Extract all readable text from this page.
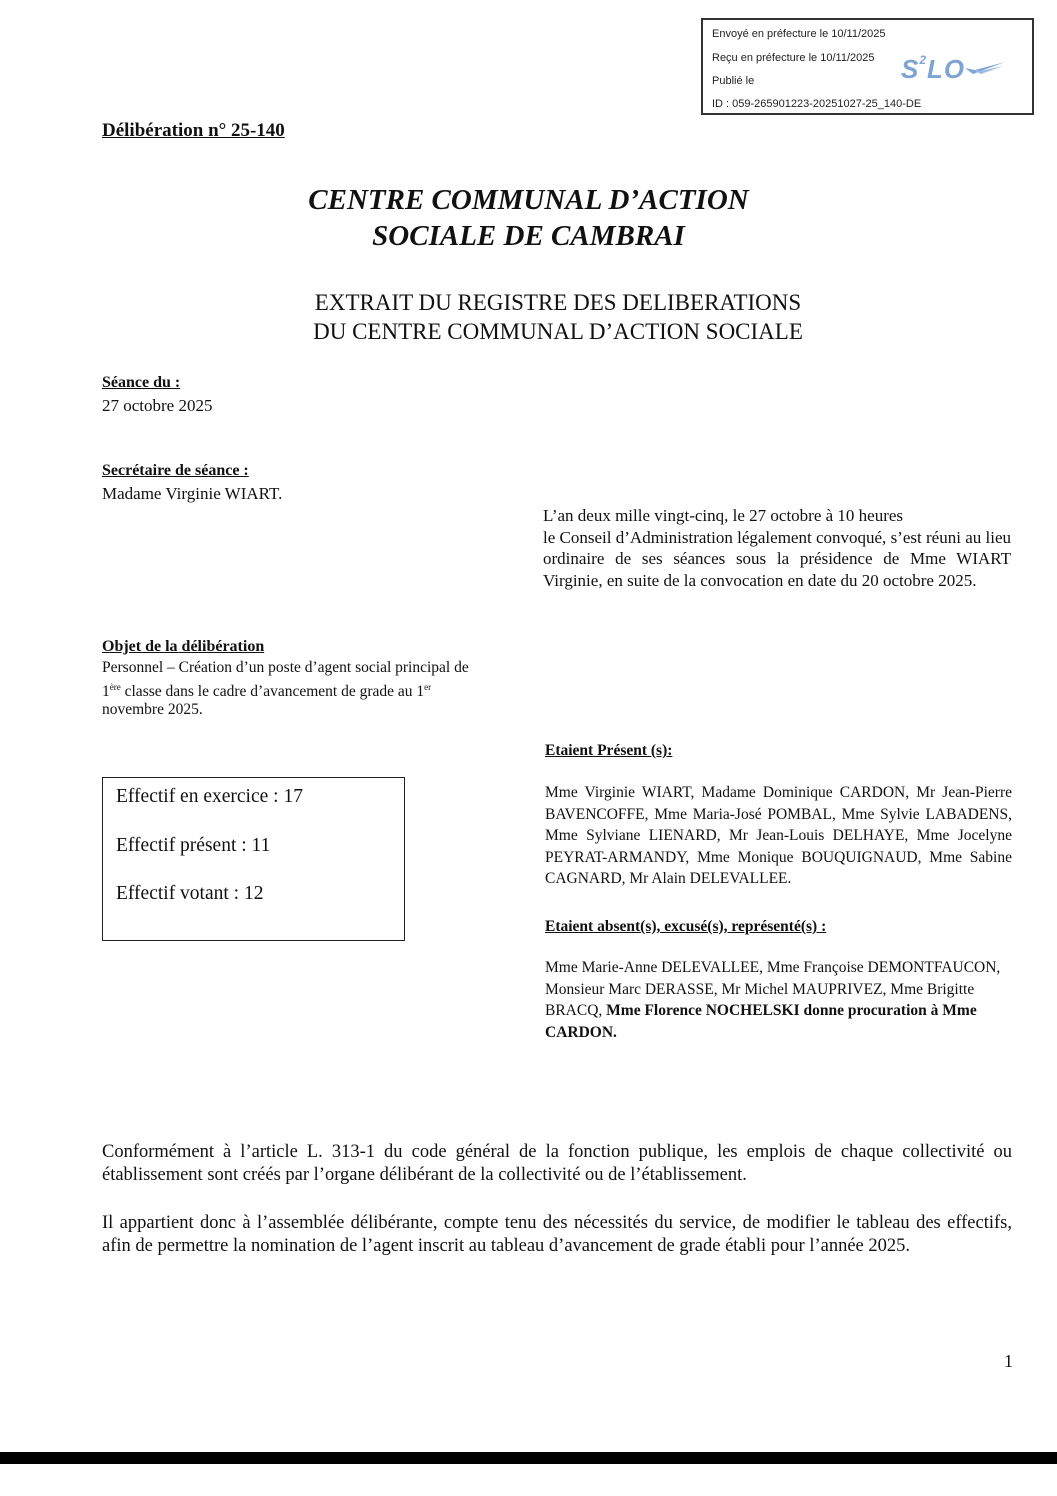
Envoyé en préfecture le 10/11/2025
Reçu en préfecture le 10/11/2025
Publié le
ID : 059-265901223-20251027-25_140-DE
$S^2LO$
Délibération n° 25-140
CENTRE COMMUNAL D’ACTION
SOCIALE DE CAMBRAI
EXTRAIT DU REGISTRE DES DELIBERATIONS
DU CENTRE COMMUNAL D’ACTION SOCIALE
Séance du :
27 octobre 2025
Secrétaire de séance :
Madame Virginie WIART.
L’an deux mille vingt-cinq, le 27 octobre à 10 heures
le Conseil d’Administration légalement convoqué, s’est réuni au lieu ordinaire de ses séances sous la présidence de Mme WIART Virginie, en suite de la convocation en date du 20 octobre 2025.
Objet de la délibération
Personnel – Création d’un poste d’agent social principal de 1ère classe dans le cadre d’avancement de grade au 1er novembre 2025.
Effectif en exercice : 17
Effectif présent : 11
Effectif votant : 12
Etaient Présent (s):
Mme Virginie WIART, Madame Dominique CARDON, Mr Jean-Pierre BAVENCOFFE, Mme Maria-José POMBAL, Mme Sylvie LABADENS, Mme Sylviane LIENARD, Mr Jean-Louis DELHAYE, Mme Jocelyne PEYRAT-ARMANDY, Mme Monique BOUQUIGNAUD, Mme Sabine CAGNARD, Mr Alain DELEVALLEE.
Etaient absent(s), excusé(s), représenté(s) :
Mme Marie-Anne DELEVALLEE, Mme Françoise DEMONTFAUCON, Monsieur Marc DERASSE, Mr Michel MAUPRIVEZ, Mme Brigitte BRACQ, Mme Florence NOCHELSKI donne procuration à Mme CARDON.
Conformément à l’article L. 313-1 du code général de la fonction publique, les emplois de chaque collectivité ou établissement sont créés par l’organe délibérant de la collectivité ou de l’établissement.
Il appartient donc à l’assemblée délibérante, compte tenu des nécessités du service, de modifier le tableau des effectifs, afin de permettre la nomination de l’agent inscrit au tableau d’avancement de grade établi pour l’année 2025.
1
